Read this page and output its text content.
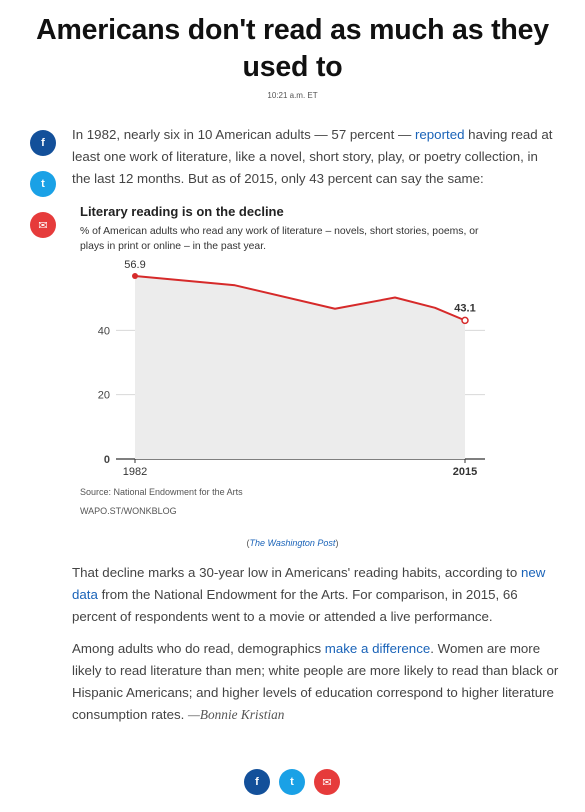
Americans don't read as much as they used to
10:21 a.m. ET
f
t
✉
In 1982, nearly six in 10 American adults — 57 percent — reported having read at least one work of literature, like a novel, short story, play, or poetry collection, in the last 12 months. But as of 2015, only 43 percent can say the same:
Literary reading is on the decline
% of American adults who read any work of literature – novels, short stories, poems, or plays in print or online – in the past year.
0
20
40
1982	2015
56.9
43.1
Source: National Endowment for the Arts
WAPO.ST/WONKBLOG
(The Washington Post)
That decline marks a 30-year low in Americans' reading habits, according to new data from the National Endowment for the Arts. For comparison, in 2015, 66 percent of respondents went to a movie or attended a live performance.
Among adults who do read, demographics make a difference. Women are more likely to read literature than men; white people are more likely to read than black or Hispanic Americans; and higher levels of education correspond to higher literature consumption rates. —Bonnie Kristian
f	t	✉
